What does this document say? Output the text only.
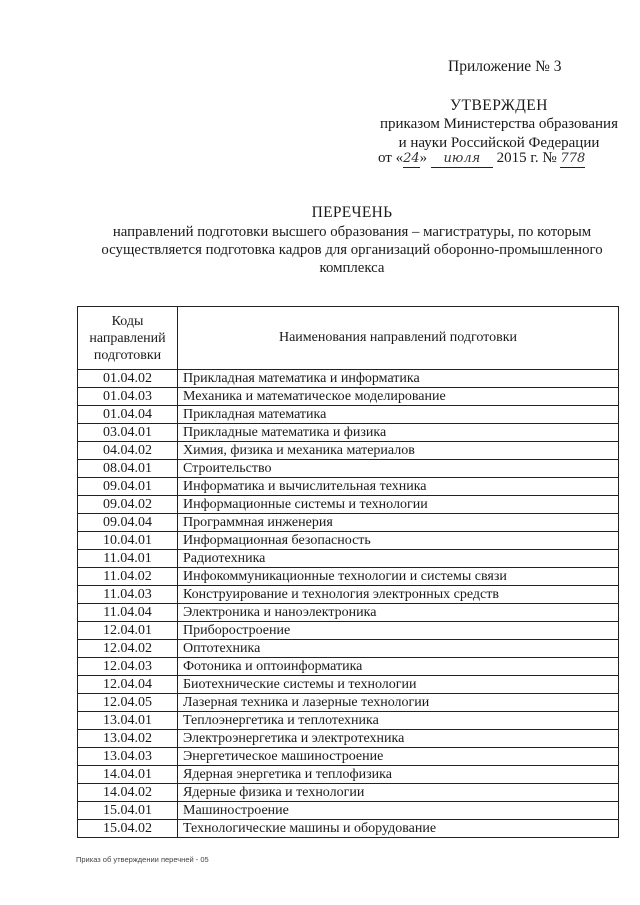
Приложение № 3
УТВЕРЖДЕН
приказом Министерства образования
и науки Российской Федерации
от «24» июля 2015 г. № 778
ПЕРЕЧЕНЬ
направлений подготовки высшего образования – магистратуры, по которым
осуществляется подготовка кадров для организаций оборонно-промышленного
комплекса
Коды
направлений
подготовки	Наименования направлений подготовки
01.04.02	Прикладная математика и информатика
01.04.03	Механика и математическое моделирование
01.04.04	Прикладная математика
03.04.01	Прикладные математика и физика
04.04.02	Химия, физика и механика материалов
08.04.01	Строительство
09.04.01	Информатика и вычислительная техника
09.04.02	Информационные системы и технологии
09.04.04	Программная инженерия
10.04.01	Информационная безопасность
11.04.01	Радиотехника
11.04.02	Инфокоммуникационные технологии и системы связи
11.04.03	Конструирование и технология электронных средств
11.04.04	Электроника и наноэлектроника
12.04.01	Приборостроение
12.04.02	Оптотехника
12.04.03	Фотоника и оптоинформатика
12.04.04	Биотехнические системы и технологии
12.04.05	Лазерная техника и лазерные технологии
13.04.01	Теплоэнергетика и теплотехника
13.04.02	Электроэнергетика и электротехника
13.04.03	Энергетическое машиностроение
14.04.01	Ядерная энергетика и теплофизика
14.04.02	Ядерные физика и технологии
15.04.01	Машиностроение
15.04.02	Технологические машины и оборудование
Приказ об утверждении перечней - 05
